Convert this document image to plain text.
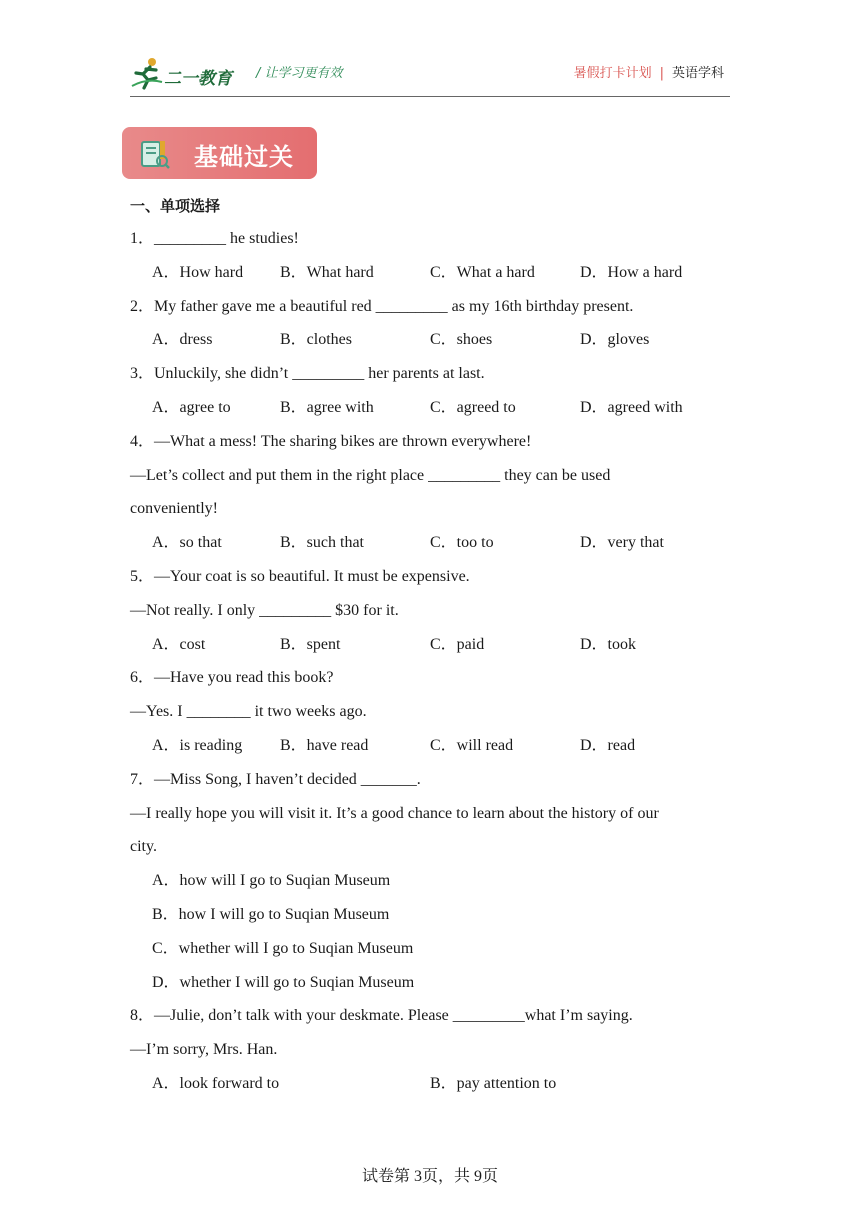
二一教育 / 让学习更有效	暑假打卡计划 | 英语学科
基础过关
一、单项选择
1．_________ he studies!
A．How hard B．What hard	C．What a hard	D．How a hard
2．My father gave me a beautiful red _________ as my 16th birthday present.
A．dress	B．clothes	C．shoes	D．gloves
3．Unluckily, she didn’t _________ her parents at last.
A．agree to	B．agree with	C．agreed to	D．agreed with
4．—What a mess! The sharing bikes are thrown everywhere!
—Let’s collect and put them in the right place _________ they can be used
conveniently!
A．so that	B．such that	C．too to	D．very that
5．—Your coat is so beautiful. It must be expensive.
—Not really. I only _________ $30 for it.
A．cost	B．spent	C．paid	D．took
6．—Have you read this book?
—Yes. I ________ it two weeks ago.
A．is reading B．have read	C．will read	D．read
7．—Miss Song, I haven’t decided _______.
—I really hope you will visit it. It’s a good chance to learn about the history of our
city.
A．how will I go to Suqian Museum
B．how I will go to Suqian Museum
C．whether will I go to Suqian Museum
D．whether I will go to Suqian Museum
8．—Julie, don’t talk with your deskmate. Please _________what I’m saying.
—I’m sorry, Mrs. Han.
A．look forward to	B．pay attention to
试卷第 3页，共 9页
